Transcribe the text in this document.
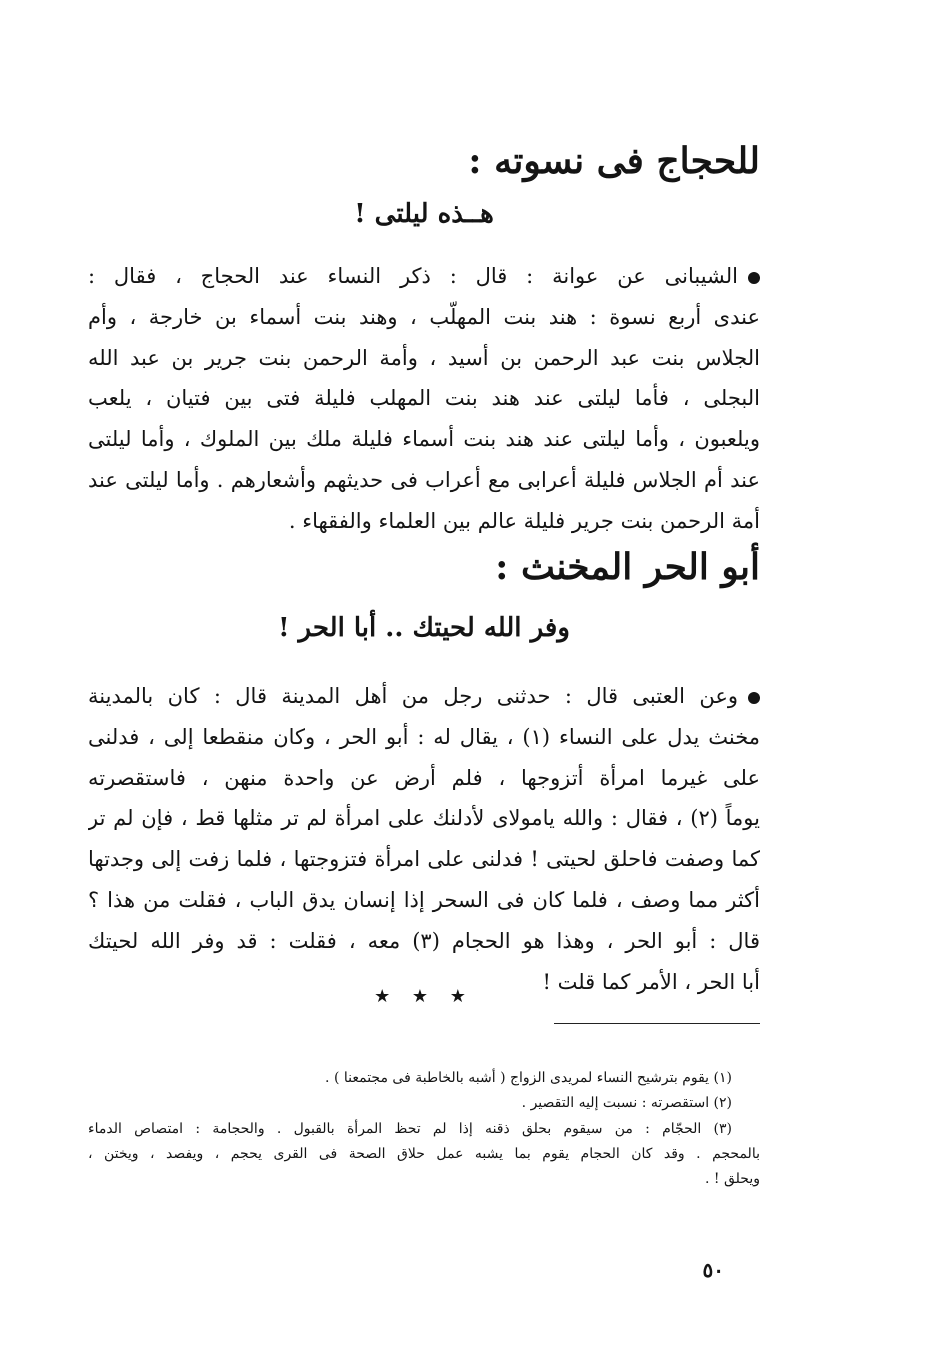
للحجاج فى نسوته :
هــذه ليلتى !
الشيبانى عن عوانة : قال : ذكر النساء عند الحجاج ، فقال :
عندى أربع نسوة : هند بنت المهلّب ، وهند بنت أسماء بن خارجة ، وأم
الجلاس بنت عبد الرحمن بن أسيد ، وأمة الرحمن بنت جرير بن عبد الله
البجلى ، فأما ليلتى عند هند بنت المهلب فليلة فتى بين فتيان ، يلعب
ويلعبون ، وأما ليلتى عند هند بنت أسماء فليلة ملك بين الملوك ، وأما ليلتى
عند أم الجلاس فليلة أعرابى مع أعراب فى حديثهم وأشعارهم . وأما ليلتى عند
أمة الرحمن بنت جرير فليلة عالم بين العلماء والفقهاء .
أبو الحر المخنث :
وفر الله لحيتك .. أبا الحر !
وعن العتبى قال : حدثنى رجل من أهل المدينة قال : كان بالمدينة
مخنث يدل على النساء (١) ، يقال له : أبو الحر ، وكان منقطعا إلى ، فدلنى
على غيرما امرأة أتزوجها ، فلم أرض عن واحدة منهن ، فاستقصرته
يوماً (٢) ، فقال : والله يامولاى لأدلنك على امرأة لم تر مثلها قط ، فإن لم تر
كما وصفت فاحلق لحيتى ! فدلنى على امرأة فتزوجتها ، فلما زفت إلى وجدتها
أكثر مما وصف ، فلما كان فى السحر إذا إنسان يدق الباب ، فقلت من هذا ؟
قال : أبو الحر ، وهذا هو الحجام (٣) معه ، فقلت : قد وفر الله لحيتك
أبا الحر ، الأمر كما قلت !
★ ★ ★
(١) يقوم بترشيح النساء لمريدى الزواج ( أشبه بالخاطبة فى مجتمعنا ) .
(٢) استقصرته : نسبت إليه التقصير .
(٣) الحجّام : من سيقوم بحلق ذقنه إذا لم تحظ المرأة بالقبول . والحجامة : امتصاص الدماء
بالمحجم . وقد كان الحجام يقوم بما يشبه عمل حلاق الصحة فى القرى يحجم ، ويفصد ، ويختن ،
ويحلق ! .
٥٠
